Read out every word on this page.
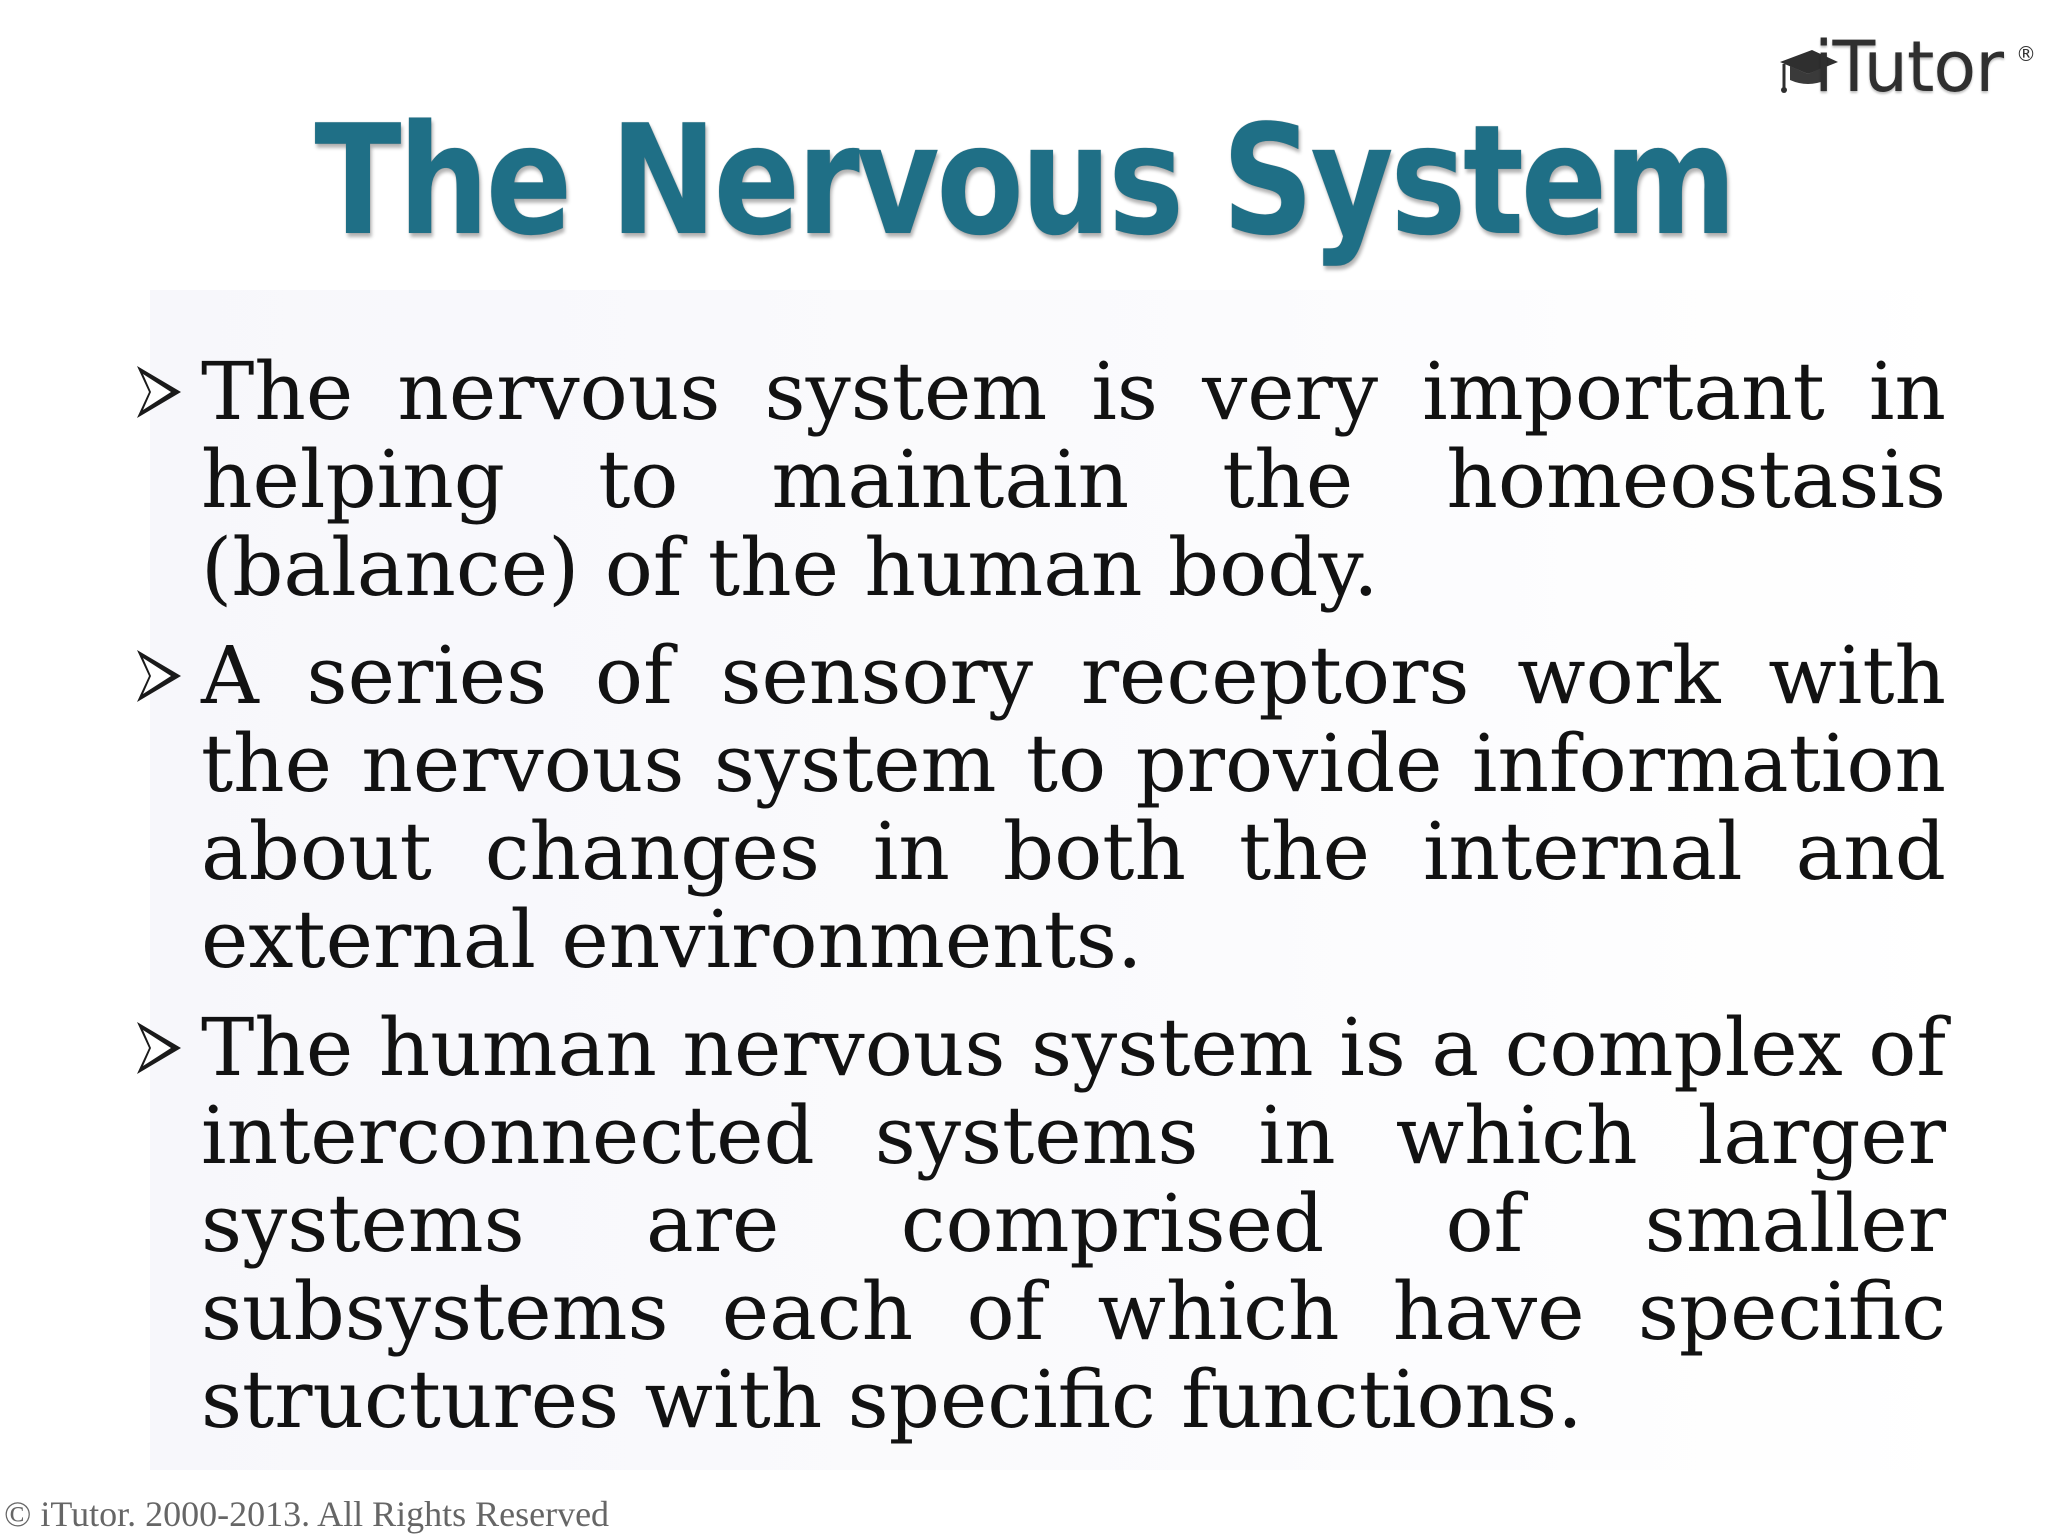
iTutor ®
The Nervous System
The nervous system is very important in helping to maintain the homeostasis (balance) of the human body.
A series of sensory receptors work with the nervous system to provide information about changes in both the internal and external environments.
The human nervous system is a complex of interconnected systems in which larger systems are comprised of smaller subsystems each of which have specific structures with specific functions.
© iTutor. 2000-2013. All Rights Reserved
